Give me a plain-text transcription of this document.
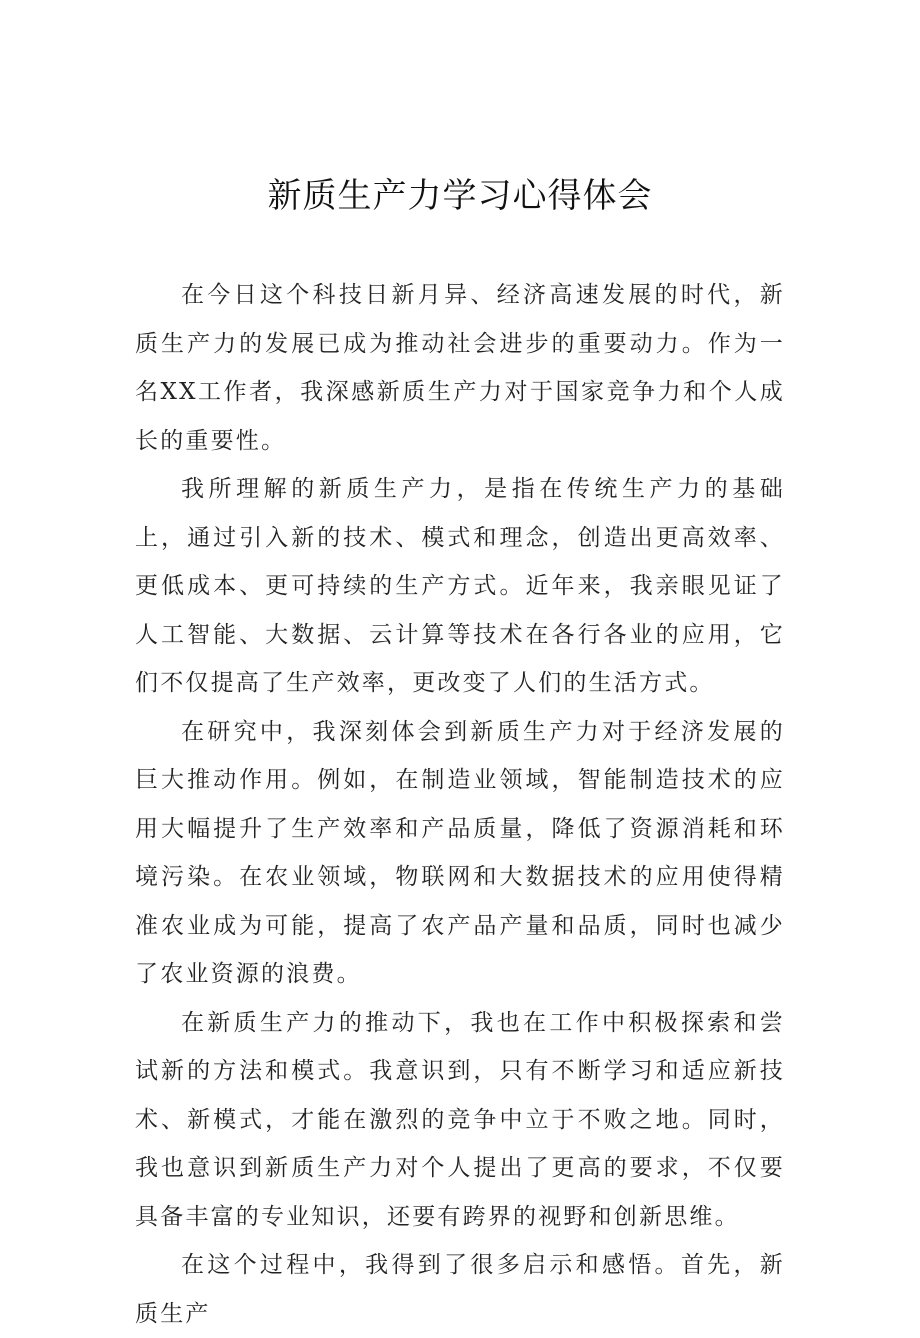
新质生产力学习心得体会

在今日这个科技日新月异、经济高速发展的时代，新质生产力的发展已成为推动社会进步的重要动力。作为一名XX工作者，我深感新质生产力对于国家竞争力和个人成长的重要性。

我所理解的新质生产力，是指在传统生产力的基础上，通过引入新的技术、模式和理念，创造出更高效率、更低成本、更可持续的生产方式。近年来，我亲眼见证了人工智能、大数据、云计算等技术在各行各业的应用，它们不仅提高了生产效率，更改变了人们的生活方式。

在研究中，我深刻体会到新质生产力对于经济发展的巨大推动作用。例如，在制造业领域，智能制造技术的应用大幅提升了生产效率和产品质量，降低了资源消耗和环境污染。在农业领域，物联网和大数据技术的应用使得精准农业成为可能，提高了农产品产量和品质，同时也减少了农业资源的浪费。

在新质生产力的推动下，我也在工作中积极探索和尝试新的方法和模式。我意识到，只有不断学习和适应新技术、新模式，才能在激烈的竞争中立于不败之地。同时，我也意识到新质生产力对个人提出了更高的要求，不仅要具备丰富的专业知识，还要有跨界的视野和创新思维。

在这个过程中，我得到了很多启示和感悟。首先，新质生产
